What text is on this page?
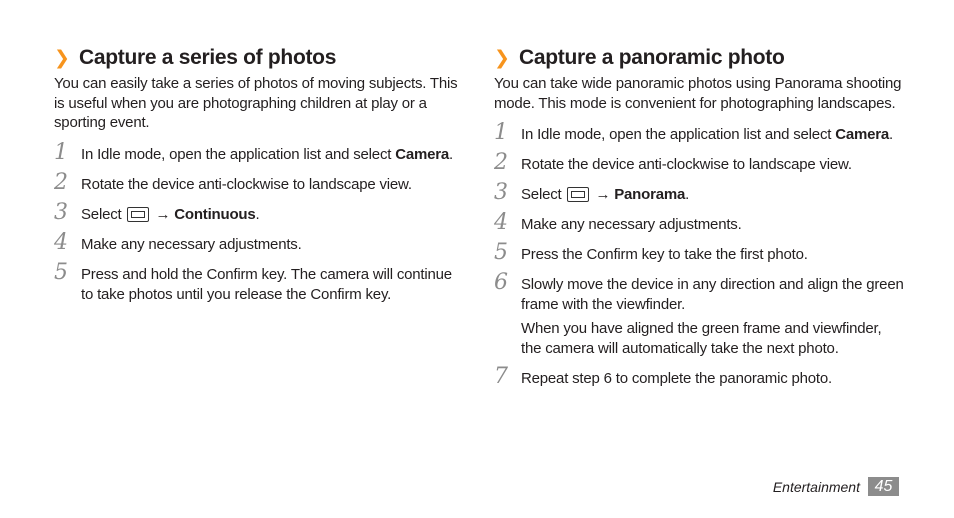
❯ Capture a series of photos
You can easily take a series of photos of moving subjects. This is useful when you are photographing children at play or a sporting event.
1 In Idle mode, open the application list and select Camera.
2 Rotate the device anti-clockwise to landscape view.
3 Select → Continuous.
4 Make any necessary adjustments.
5 Press and hold the Confirm key. The camera will continue to take photos until you release the Confirm key.
❯ Capture a panoramic photo
You can take wide panoramic photos using Panorama shooting mode. This mode is convenient for photographing landscapes.
1 In Idle mode, open the application list and select Camera.
2 Rotate the device anti-clockwise to landscape view.
3 Select → Panorama.
4 Make any necessary adjustments.
5 Press the Confirm key to take the first photo.
6 Slowly move the device in any direction and align the green frame with the viewfinder.
When you have aligned the green frame and viewfinder, the camera will automatically take the next photo.
7 Repeat step 6 to complete the panoramic photo.
Entertainment 45
